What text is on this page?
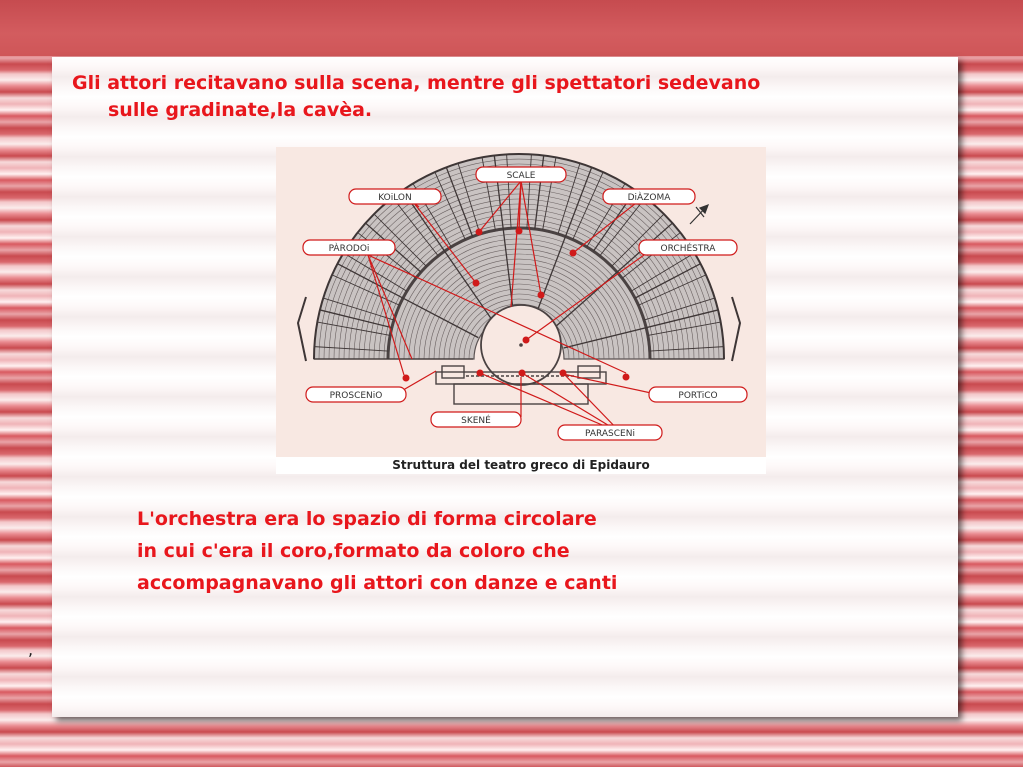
Gli attori recitavano sulla scena, mentre gli spettatori sedevano
sulle gradinate,la cavèa.
SCALE
KOiLON	DiÀZOMA
PÀRODOi	ORCHÉSTRA
PROSCENiO	PORTiCO
SKENÉ
PARASCENi
Struttura del teatro greco di Epidauro
L'orchestra era lo spazio di forma circolare
in cui c'era il coro,formato da coloro che
accompagnavano gli attori con danze e canti
,
